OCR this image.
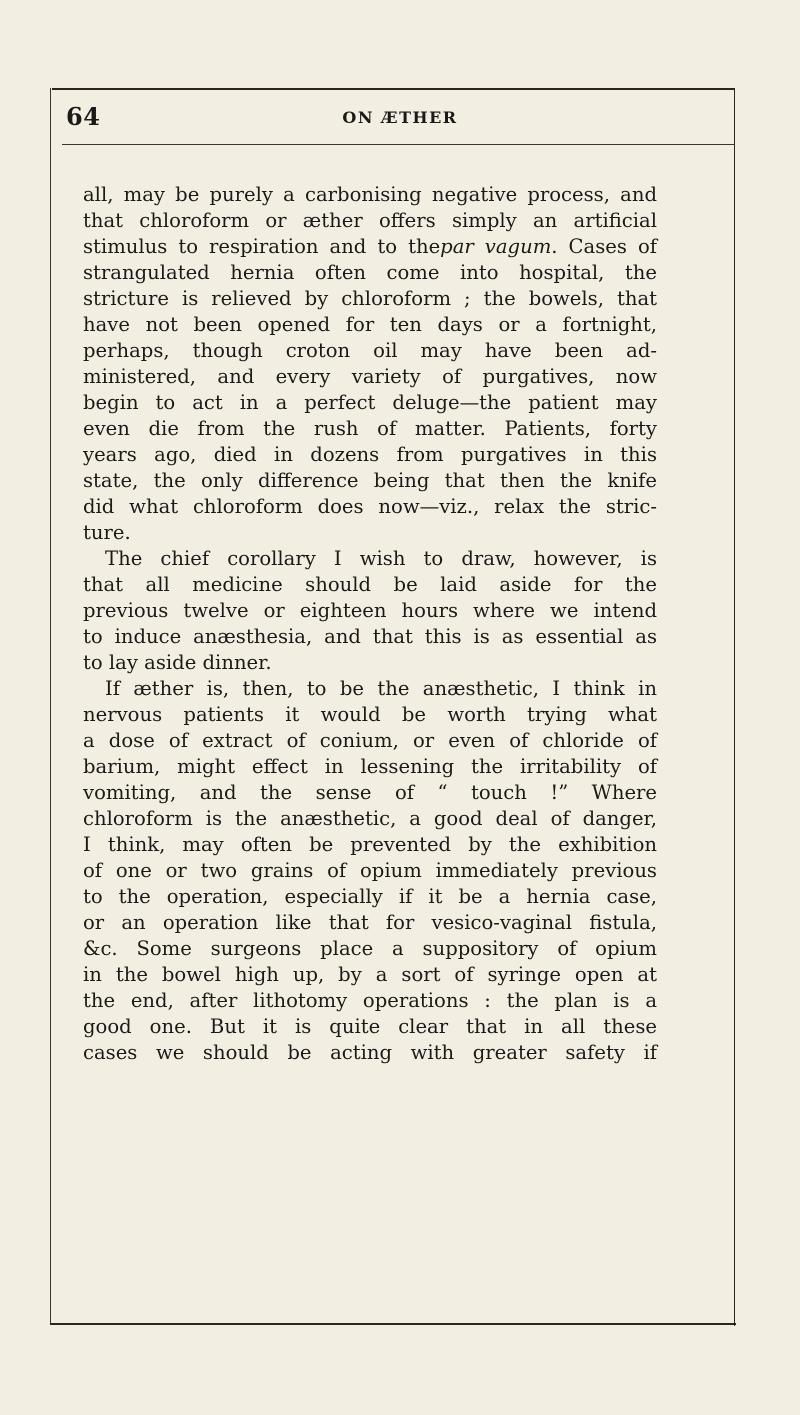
64	ON ÆTHER
all, may be purely a carbonising negative process, and
that chloroform or æther offers simply an artificial
stimulus to respiration and to thepar vagum. Cases of
strangulated hernia often come into hospital, the
stricture is relieved by chloroform ; the bowels, that
have not been opened for ten days or a fortnight,
perhaps, though croton oil may have been ad-
ministered, and every variety of purgatives, now
begin to act in a perfect deluge—the patient may
even die from the rush of matter. Patients, forty
years ago, died in dozens from purgatives in this
state, the only difference being that then the knife
did what chloroform does now—viz., relax the stric-
ture.
The chief corollary I wish to draw, however, is
that all medicine should be laid aside for the
previous twelve or eighteen hours where we intend
to induce anæsthesia, and that this is as essential as
to lay aside dinner.
If æther is, then, to be the anæsthetic, I think in
nervous patients it would be worth trying what
a dose of extract of conium, or even of chloride of
barium, might effect in lessening the irritability of
vomiting, and the sense of “ touch !” Where
chloroform is the anæsthetic, a good deal of danger,
I think, may often be prevented by the exhibition
of one or two grains of opium immediately previous
to the operation, especially if it be a hernia case,
or an operation like that for vesico-vaginal fistula,
&c. Some surgeons place a suppository of opium
in the bowel high up, by a sort of syringe open at
the end, after lithotomy operations : the plan is a
good one. But it is quite clear that in all these
cases we should be acting with greater safety if
